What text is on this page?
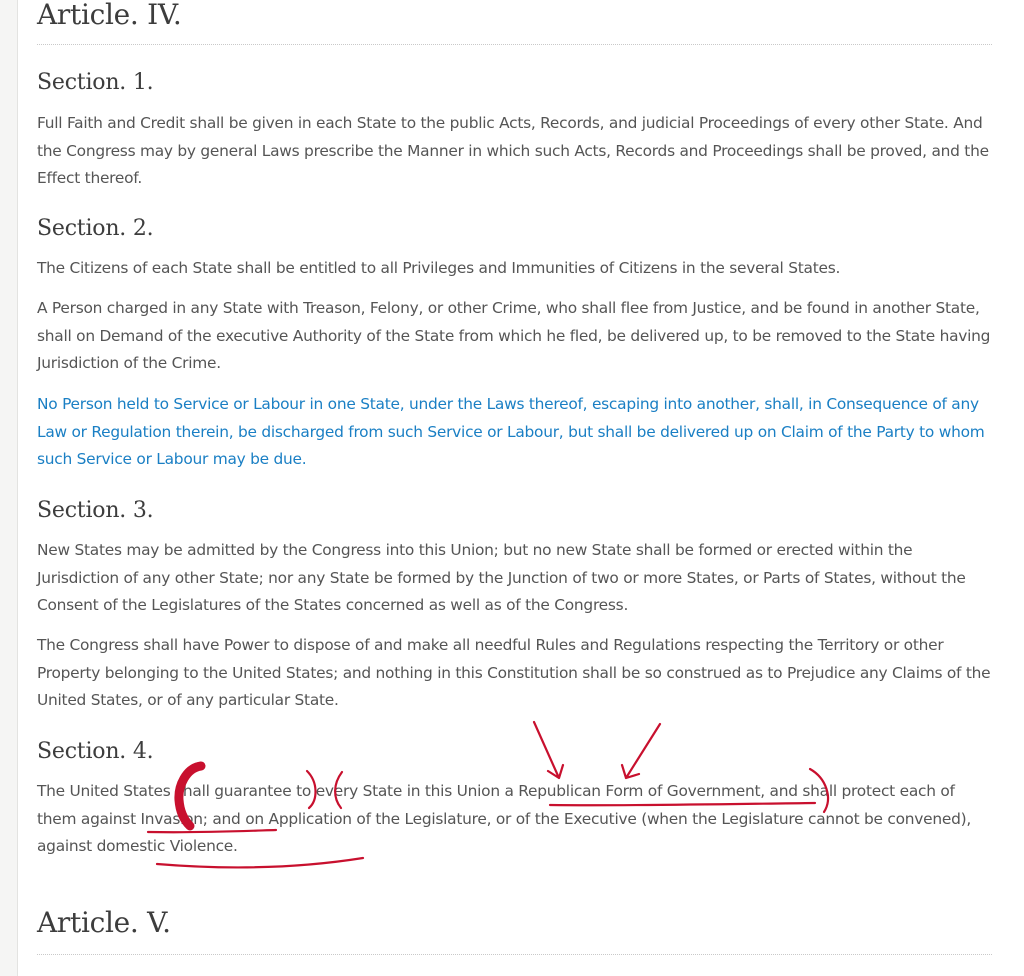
Article. IV.
Section. 1.

Full Faith and Credit shall be given in each State to the public Acts, Records, and judicial Proceedings of every other State. And the Congress may by general Laws prescribe the Manner in which such Acts, Records and Proceedings shall be proved, and the Effect thereof.

Section. 2.

The Citizens of each State shall be entitled to all Privileges and Immunities of Citizens in the several States.

A Person charged in any State with Treason, Felony, or other Crime, who shall flee from Justice, and be found in another State, shall on Demand of the executive Authority of the State from which he fled, be delivered up, to be removed to the State having Jurisdiction of the Crime.

No Person held to Service or Labour in one State, under the Laws thereof, escaping into another, shall, in Consequence of any Law or Regulation therein, be discharged from such Service or Labour, but shall be delivered up on Claim of the Party to whom such Service or Labour may be due.

Section. 3.

New States may be admitted by the Congress into this Union; but no new State shall be formed or erected within the Jurisdiction of any other State; nor any State be formed by the Junction of two or more States, or Parts of States, without the Consent of the Legislatures of the States concerned as well as of the Congress.

The Congress shall have Power to dispose of and make all needful Rules and Regulations respecting the Territory or other Property belonging to the United States; and nothing in this Constitution shall be so construed as to Prejudice any Claims of the United States, or of any particular State.

Section. 4.

The United States shall guarantee to every State in this Union a Republican Form of Government, and shall protect each of them against Invasion; and on Application of the Legislature, or of the Executive (when the Legislature cannot be convened), against domestic Violence.

Article. V.
